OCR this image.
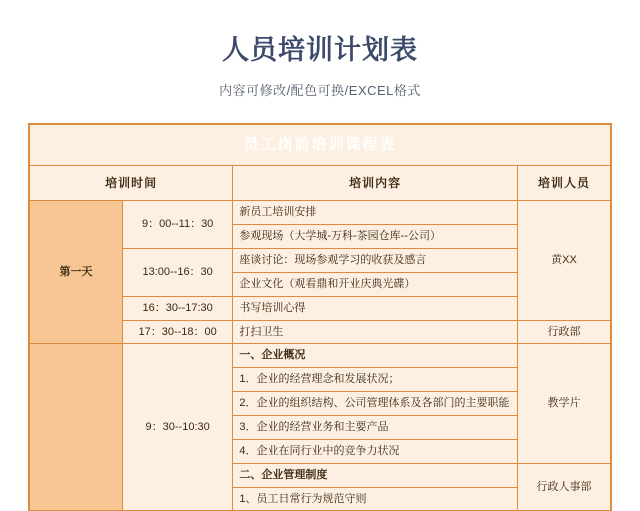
人员培训计划表
内容可修改/配色可换/EXCEL格式
员工岗前培训课程表			
培训时间		培训内容	培训人员
第一天	9：00--11：30	新员工培训安排	黄XX
		参观现场（大学城-万科-茶园仓库--公司）	
	13:00--16：30	座谈讨论：现场参观学习的收获及感言	
		企业文化（观看鼎和开业庆典光碟）	
	16：30--17:30	书写培训心得	
	17：30--18：00	打扫卫生	行政部
	9：30--10:30	一、企业概况	教学片
		1．企业的经营理念和发展状况；	
		2．企业的组织结构、公司管理体系及各部门的主要职能	
		3．企业的经营业务和主要产品	
		4．企业在同行业中的竞争力状况	
		二、企业管理制度	行政人事部
		1、员工日常行为规范守则	
